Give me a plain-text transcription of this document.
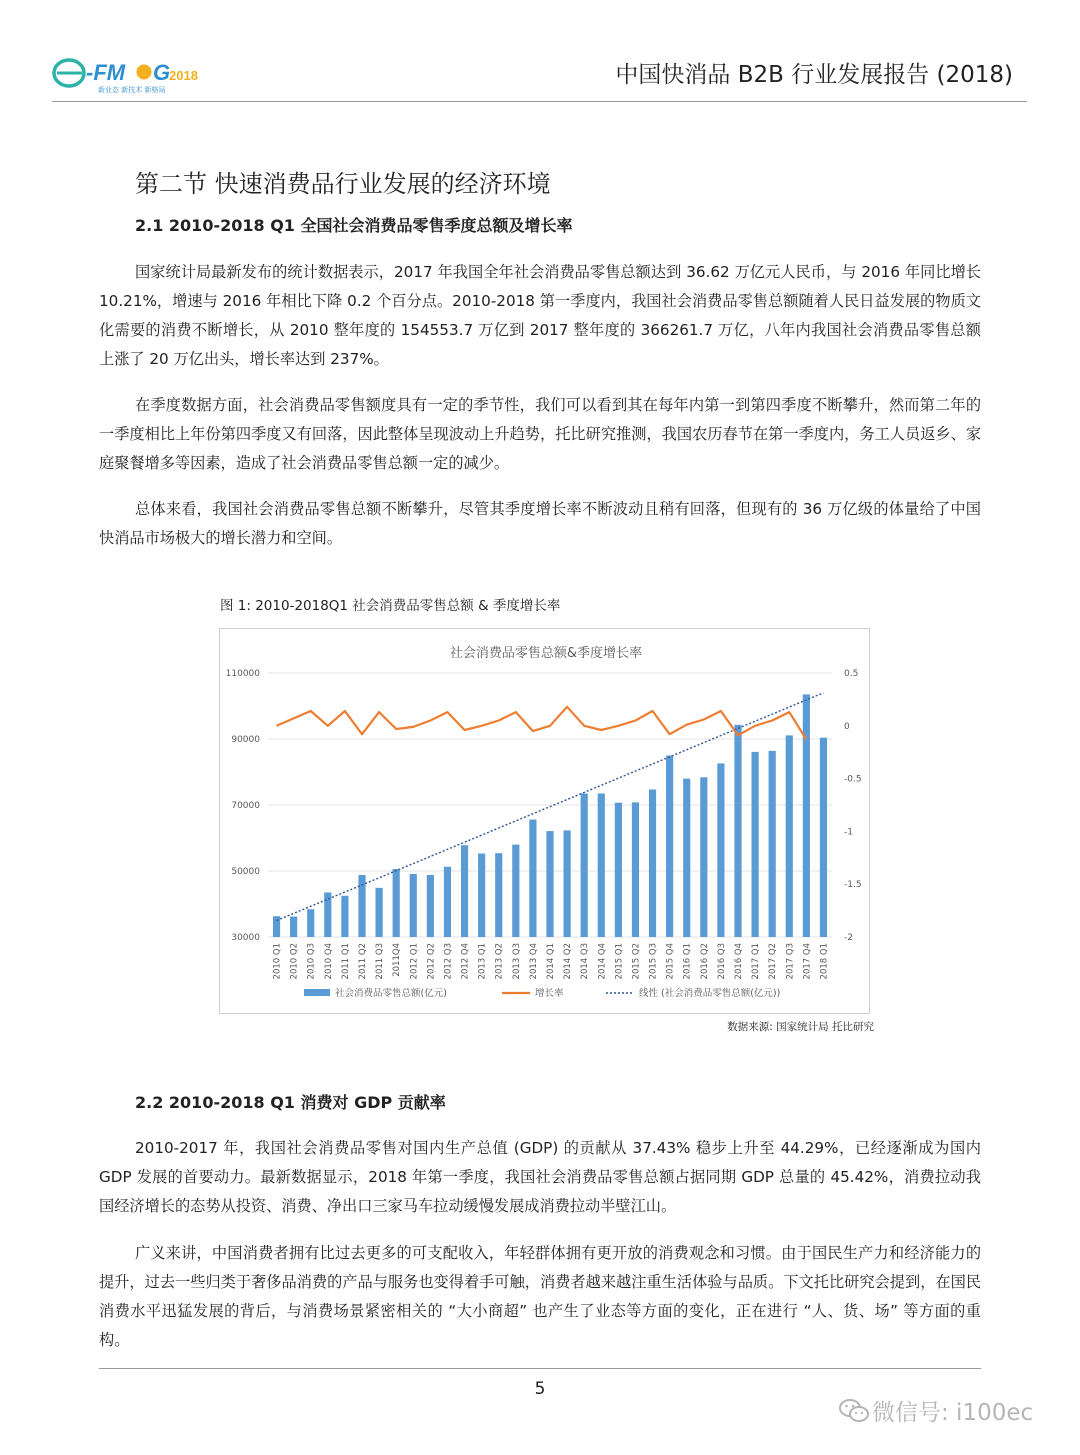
-FM G
2018
新业态 新技术 新格局
中国快消品 B2B 行业发展报告 (2018)
第二节 快速消费品行业发展的经济环境
2.1 2010-2018 Q1 全国社会消费品零售季度总额及增长率

国家统计局最新发布的统计数据表示，2017 年我国全年社会消费品零售总额达到 36.62 万亿元人民币，与 2016 年同比增长 10.21%，增速与 2016 年相比下降 0.2 个百分点。2010-2018 第一季度内，我国社会消费品零售总额随着人民日益发展的物质文化需要的消费不断增长，从 2010 整年度的 154553.7 万亿到 2017 整年度的 366261.7 万亿，八年内我国社会消费品零售总额上涨了 20 万亿出头，增长率达到 237%。

在季度数据方面，社会消费品零售额度具有一定的季节性，我们可以看到其在每年内第一到第四季度不断攀升，然而第二年的一季度相比上年份第四季度又有回落，因此整体呈现波动上升趋势，托比研究推测，我国农历春节在第一季度内，务工人员返乡、家庭聚餐增多等因素，造成了社会消费品零售总额一定的减少。

总体来看，我国社会消费品零售总额不断攀升，尽管其季度增长率不断波动且稍有回落，但现有的 36 万亿级的体量给了中国快消品市场极大的增长潜力和空间。

图 1: 2010-2018Q1 社会消费品零售总额 & 季度增长率
社会消费品零售总额&季度增长率
30000
50000
70000
90000
110000
-2
-1.5
-1
-0.5
0
0.5
2010 Q1 2010 Q2 2010 Q3 2010 Q4 2011 Q1 2011 Q2 2011 Q3 2011Q4 2012 Q1 2012 Q2 2012 Q3 2012 Q4 2013 Q1 2013 Q2 2013 Q3 2013 Q4 2014 Q1 2014 Q2 2014 Q3 2014 Q4 2015 Q1 2015 Q2 2015 Q3 2015 Q4 2016 Q1 2016 Q2 2016 Q3 2016 Q4 2017 Q1 2017 Q2 2017 Q3 2017 Q4 2018 Q1
社会消费品零售总额(亿元)	增长率	线性 (社会消费品零售总额(亿元))
数据来源: 国家统计局 托比研究
2.2 2010-2018 Q1 消费对 GDP 贡献率

2010-2017 年，我国社会消费品零售对国内生产总值 (GDP) 的贡献从 37.43% 稳步上升至 44.29%，已经逐渐成为国内 GDP 发展的首要动力。最新数据显示，2018 年第一季度，我国社会消费品零售总额占据同期 GDP 总量的 45.42%，消费拉动我国经济增长的态势从投资、消费、净出口三家马车拉动缓慢发展成消费拉动半壁江山。

广义来讲，中国消费者拥有比过去更多的可支配收入，年轻群体拥有更开放的消费观念和习惯。由于国民生产力和经济能力的提升，过去一些归类于奢侈品消费的产品与服务也变得着手可触，消费者越来越注重生活体验与品质。下文托比研究会提到，在国民消费水平迅猛发展的背后，与消费场景紧密相关的 “大小商超” 也产生了业态等方面的变化，正在进行 “人、货、场” 等方面的重构。

5
微信号: i100ec
